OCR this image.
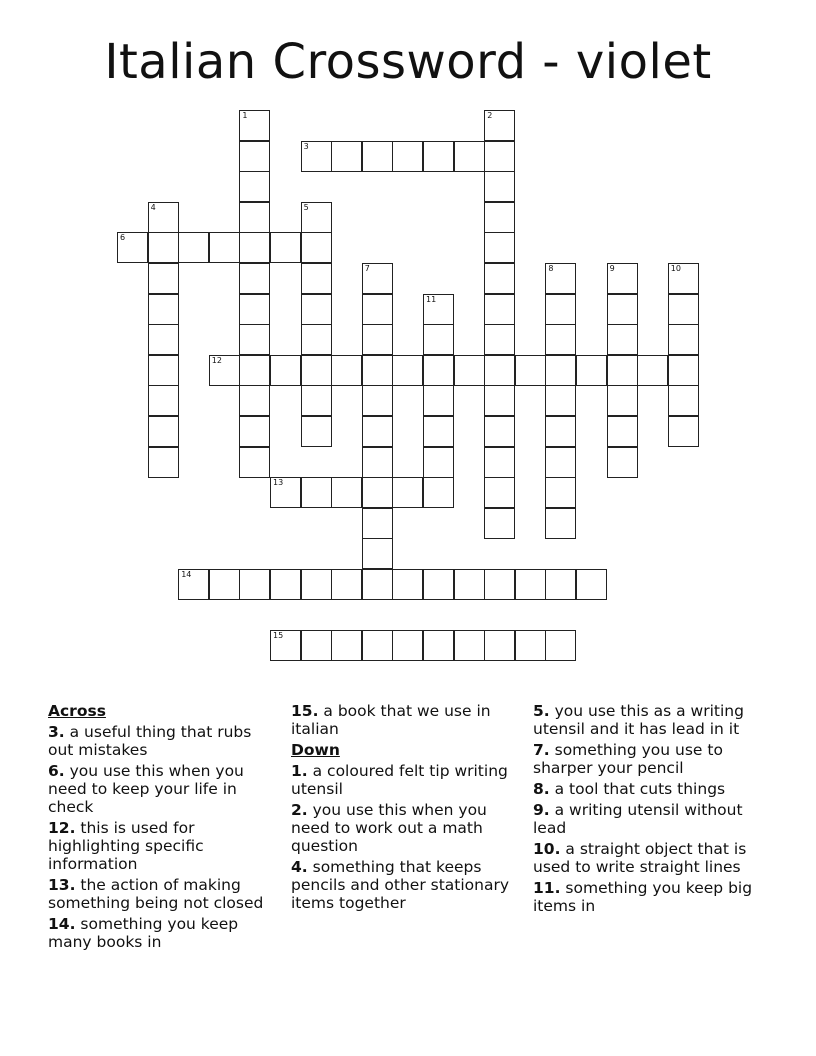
Italian Crossword - violet
1	2
3
4	5
6
7	8	9	10
11
12
13
14
15
Across
3. a useful thing that rubs out mistakes
6. you use this when you need to keep your life in check
12. this is used for highlighting specific information
13. the action of making something being not closed
14. something you keep many books in
15. a book that we use in italian
Down
1. a coloured felt tip writing utensil
2. you use this when you need to work out a math question
4. something that keeps pencils and other stationary items together
5. you use this as a writing utensil and it has lead in it
7. something you use to sharper your pencil
8. a tool that cuts things
9. a writing utensil without lead
10. a straight object that is used to write straight lines
11. something you keep big items in
